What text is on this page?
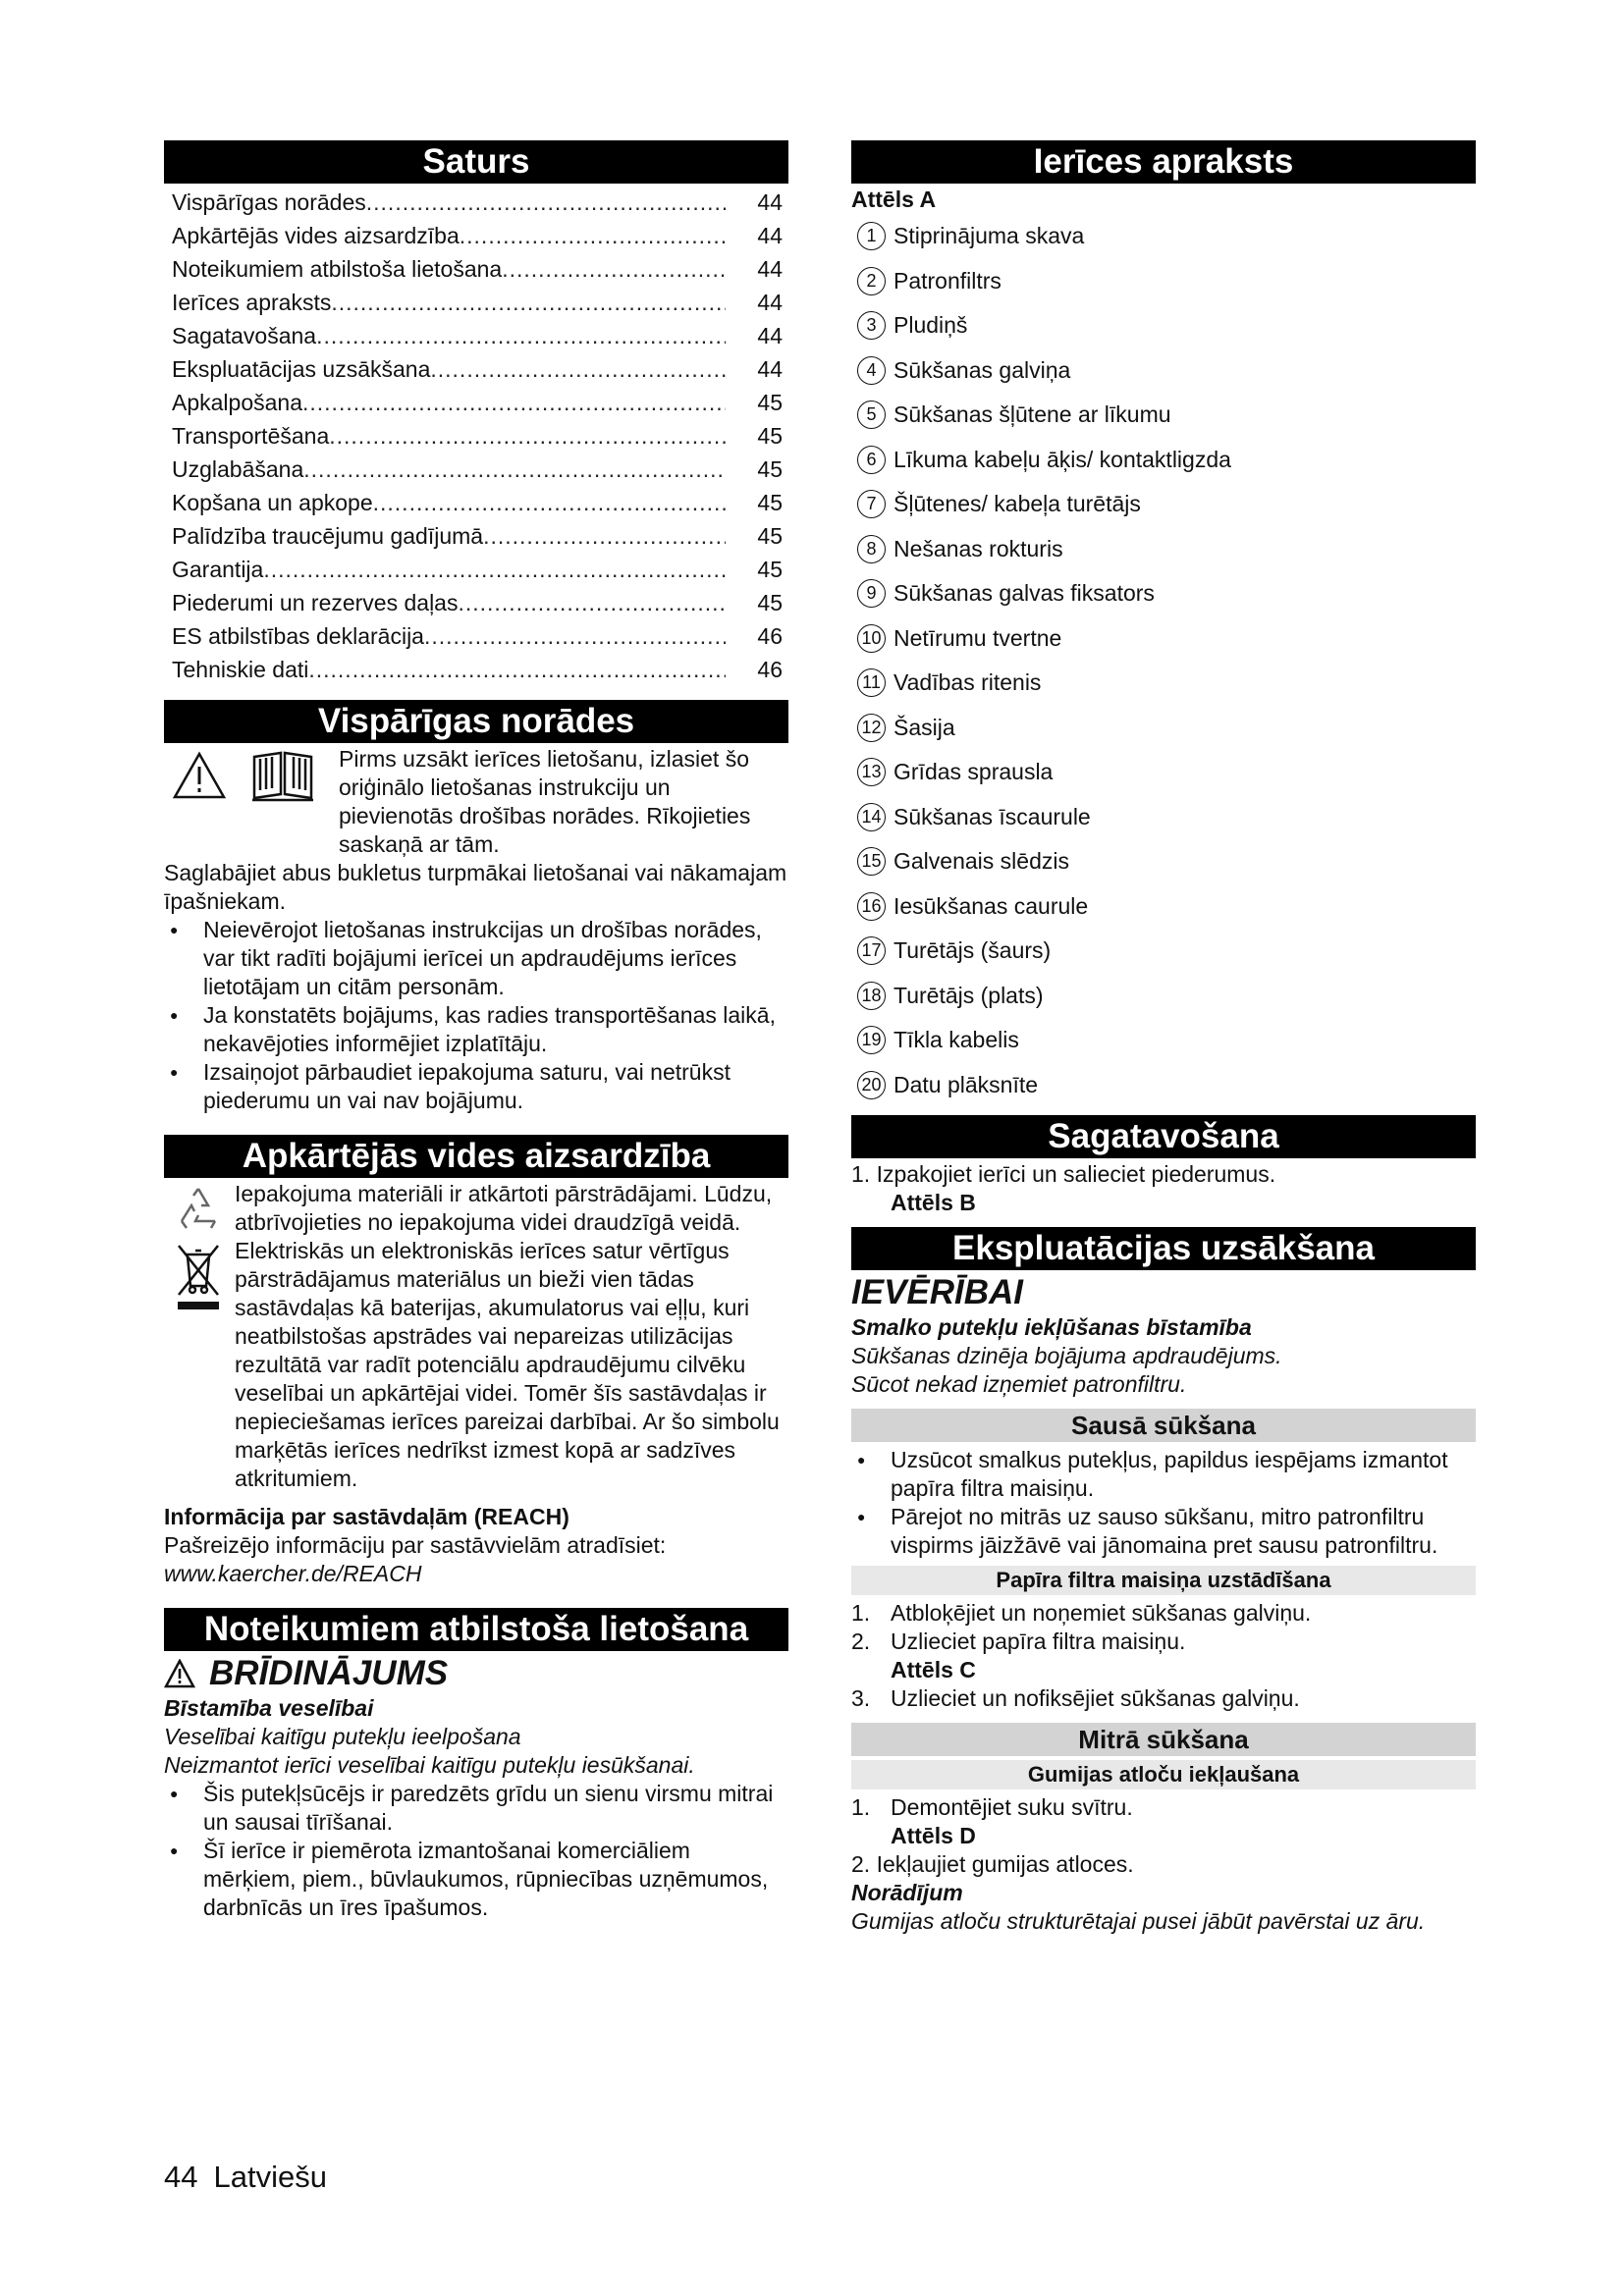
Saturs
Vispārīgas norādes .....	44
Apkārtējās vides aizsardzība .....	44
Noteikumiem atbilstoša lietošana .....	44
Ierīces apraksts .....	44
Sagatavošana .....	44
Ekspluatācijas uzsākšana .....	44
Apkalpošana .....	45
Transportēšana .....	45
Uzglabāšana .....	45
Kopšana un apkope .....	45
Palīdzība traucējumu gadījumā .....	45
Garantija .....	45
Piederumi un rezerves daļas .....	45
ES atbilstības deklarācija .....	46
Tehniskie dati .....	46
Vispārīgas norādes

Pirms uzsākt ierīces lietošanu, izlasiet šo oriģinālo lietošanas instrukciju un pievienotās drošības norādes. Rīkojieties saskaņā ar tām.

Saglabājiet abus bukletus turpmākai lietošanai vai nākamajam īpašniekam.

● Neievērojot lietošanas instrukcijas un drošības norādes, var tikt radīti bojājumi ierīcei un apdraudējums ierīces lietotājam un citām personām.

● Ja konstatēts bojājums, kas radies transportēšanas laikā, nekavējoties informējiet izplatītāju.

● Izsaiņojot pārbaudiet iepakojuma saturu, vai netrūkst piederumu un vai nav bojājumu.

Apkārtējās vides aizsardzība

Iepakojuma materiāli ir atkārtoti pārstrādājami. Lūdzu, atbrīvojieties no iepakojuma videi draudzīgā veidā.

Elektriskās un elektroniskās ierīces satur vērtīgus pārstrādājamus materiālus un bieži vien tādas sastāvdaļas kā baterijas, akumulatorus vai eļļu, kuri neatbilstošas apstrādes vai nepareizas utilizācijas rezultātā var radīt potenciālu apdraudējumu cilvēku veselībai un apkārtējai videi. Tomēr šīs sastāvdaļas ir nepieciešamas ierīces pareizai darbībai. Ar šo simbolu marķētās ierīces nedrīkst izmest kopā ar sadzīves atkritumiem.

Informācija par sastāvdaļām (REACH)

Pašreizējo informāciju par sastāvvielām atradīsiet:

www.kaercher.de/REACH

Noteikumiem atbilstoša lietošana
BRĪDINĀJUMS

Bīstamība veselībai

Veselībai kaitīgu putekļu ieelpošana

Neizmantot ierīci veselībai kaitīgu putekļu iesūkšanai.

● Šis putekļsūcējs ir paredzēts grīdu un sienu virsmu mitrai un sausai tīrīšanai.

● Šī ierīce ir piemērota izmantošanai komerciāliem mērķiem, piem., būvlaukumos, rūpniecības uzņēmumos, darbnīcās un īres īpašumos.

Ierīces apraksts

Attēls A

1 Stiprinājuma skava
2 Patronfiltrs
3 Pludiņš
4 Sūkšanas galviņa
5 Sūkšanas šļūtene ar līkumu
6 Līkuma kabeļu āķis/ kontaktligzda
7 Šļūtenes/ kabeļa turētājs
8 Nešanas rokturis
9 Sūkšanas galvas fiksators
10 Netīrumu tvertne
11 Vadības ritenis
12 Šasija
13 Grīdas sprausla
14 Sūkšanas īscaurule
15 Galvenais slēdzis
16 Iesūkšanas caurule
17 Turētājs (šaurs)
18 Turētājs (plats)
19 Tīkla kabelis
20 Datu plāksnīte
Sagatavošana

1. Izpakojiet ierīci un salieciet piederumus.

Attēls B

Ekspluatācijas uzsākšana

IEVĒRĪBAI

Smalko putekļu iekļūšanas bīstamība

Sūkšanas dzinēja bojājuma apdraudējums.

Sūcot nekad izņemiet patronfiltru.

Sausā sūkšana

● Uzsūcot smalkus putekļus, papildus iespējams izmantot papīra filtra maisiņu.

● Pārejot no mitrās uz sauso sūkšanu, mitro patronfiltru vispirms jāizžāvē vai jānomaina pret sausu patronfiltru.

Papīra filtra maisiņa uzstādīšana

1. Atbloķējiet un noņemiet sūkšanas galviņu.

2. Uzlieciet papīra filtra maisiņu.

Attēls C

3. Uzlieciet un nofiksējiet sūkšanas galviņu.

Mitrā sūkšana
Gumijas atloču iekļaušana

1. Demontējiet suku svītru.

Attēls D

2. Iekļaujiet gumijas atloces.

Norādījum

Gumijas atloču strukturētajai pusei jābūt pavērstai uz āru.

44 Latviešu
